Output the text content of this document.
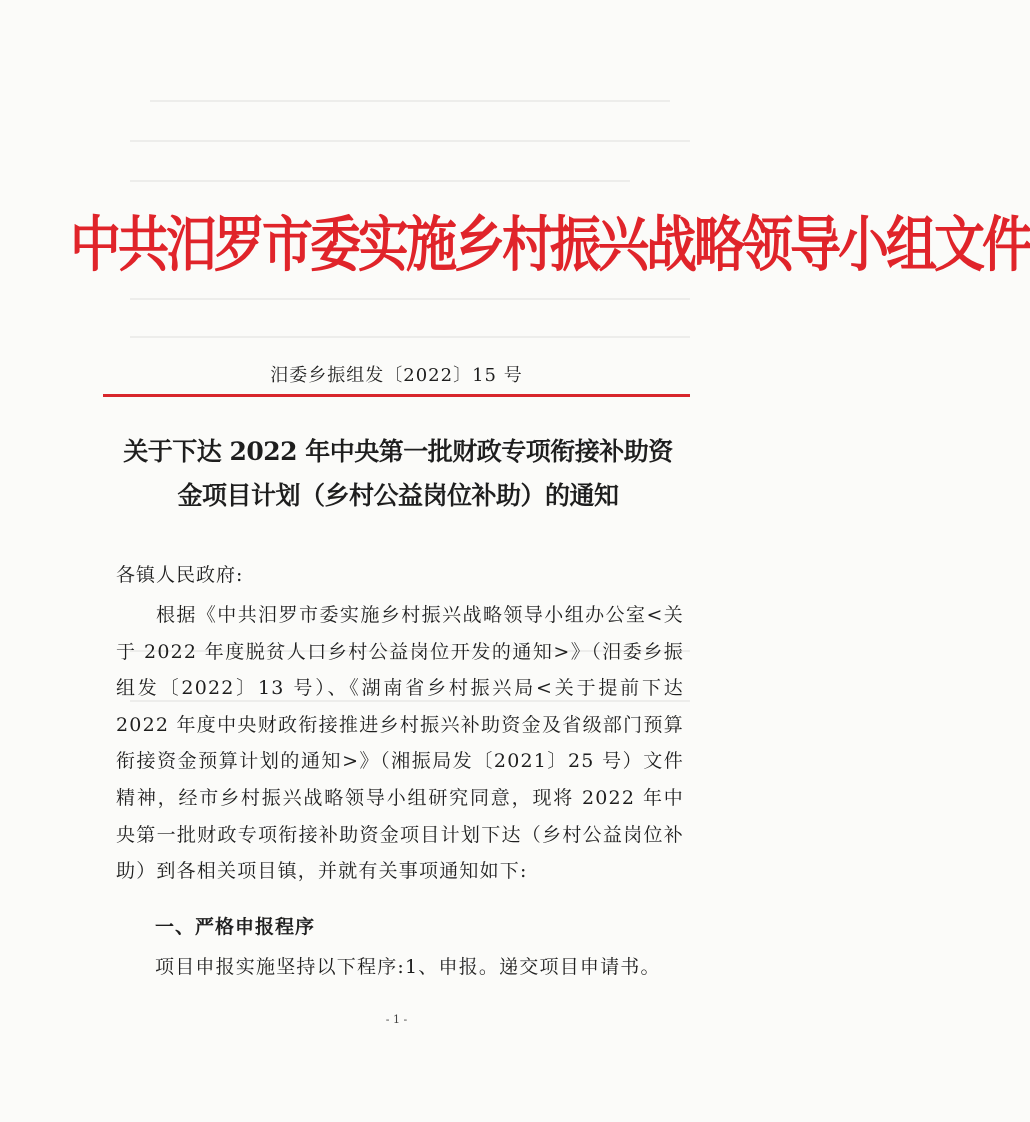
中共汨罗市委实施乡村振兴战略领导小组文件
汨委乡振组发〔2022〕15 号
关于下达 2022 年中央第一批财政专项衔接补助资
金项目计划（乡村公益岗位补助）的通知
各镇人民政府:
根据《中共汨罗市委实施乡村振兴战略领导小组办公室<关于 2022 年度脱贫人口乡村公益岗位开发的通知>》（汨委乡振组发〔2022〕13 号）、《湖南省乡村振兴局<关于提前下达 2022 年度中央财政衔接推进乡村振兴补助资金及省级部门预算衔接资金预算计划的通知>》（湘振局发〔2021〕25 号）文件精神，经市乡村振兴战略领导小组研究同意，现将 2022 年中央第一批财政专项衔接补助资金项目计划下达（乡村公益岗位补助）到各相关项目镇，并就有关事项通知如下:
一、严格申报程序
项目申报实施坚持以下程序:1、申报。递交项目申请书。
- 1 -
